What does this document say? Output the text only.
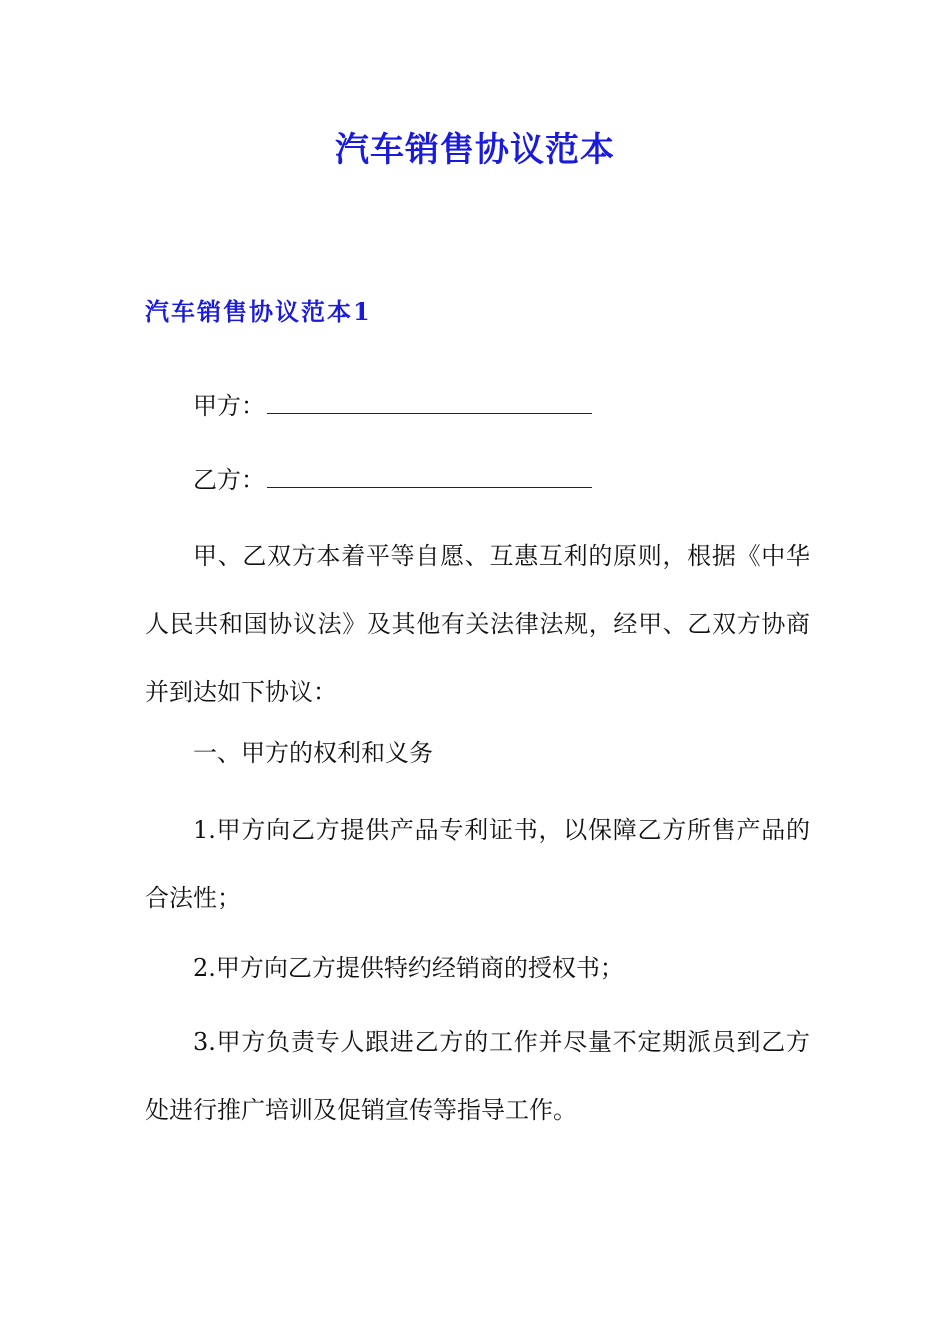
汽车销售协议范本
汽车销售协议范本1
甲方：
乙方：

甲、乙双方本着平等自愿、互惠互利的原则，根据《中华人民共和国协议法》及其他有关法律法规，经甲、乙双方协商并到达如下协议：

一、甲方的权利和义务

1.甲方向乙方提供产品专利证书，以保障乙方所售产品的合法性；

2.甲方向乙方提供特约经销商的授权书；

3.甲方负责专人跟进乙方的工作并尽量不定期派员到乙方处进行推广培训及促销宣传等指导工作。
